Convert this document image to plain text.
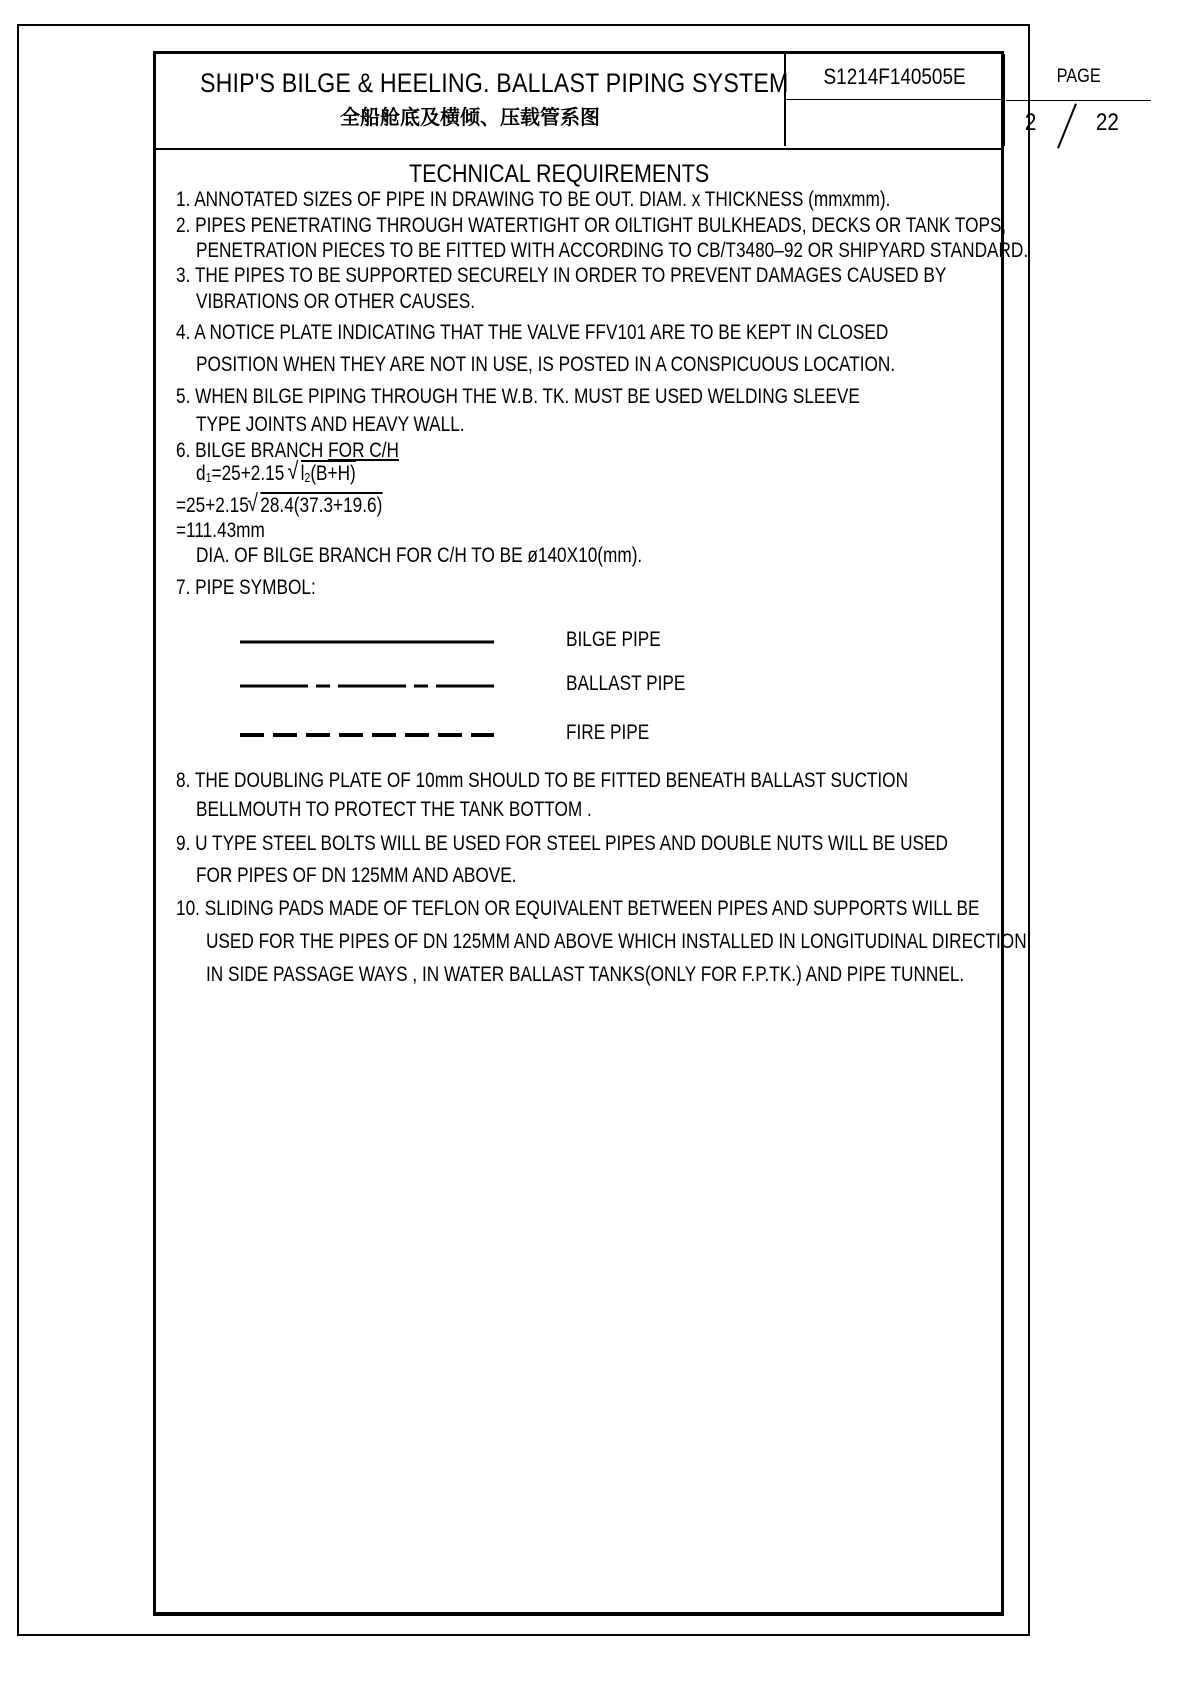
SHIP'S BILGE & HEELING. BALLAST PIPING SYSTEM
全船舱底及横倾、压载管系图
S1214F140505E	PAGE
2 22
TECHNICAL REQUIREMENTS
1. ANNOTATED SIZES OF PIPE IN DRAWING TO BE OUT. DIAM. x THICKNESS (mmxmm).
2. PIPES PENETRATING THROUGH WATERTIGHT OR OILTIGHT BULKHEADS, DECKS OR TANK TOPS,
PENETRATION PIECES TO BE FITTED WITH ACCORDING TO CB/T3480–92 OR SHIPYARD STANDARD.
3. THE PIPES TO BE SUPPORTED SECURELY IN ORDER TO PREVENT DAMAGES CAUSED BY
VIBRATIONS OR OTHER CAUSES.
4. A NOTICE PLATE INDICATING THAT THE VALVE FFV101 ARE TO BE KEPT IN CLOSED
POSITION WHEN THEY ARE NOT IN USE, IS POSTED IN A CONSPICUOUS LOCATION.
5. WHEN BILGE PIPING THROUGH THE W.B. TK. MUST BE USED WELDING SLEEVE
TYPE JOINTS AND HEAVY WALL.
6. BILGE BRANCH FOR C/H
d1=25+2.15 √ l2(B+H)
=25+2.15 √ 28.4(37.3+19.6)
=111.43mm
DIA. OF BILGE BRANCH FOR C/H TO BE ø140X10(mm).
7. PIPE SYMBOL:
BILGE PIPE
BALLAST PIPE
FIRE PIPE
8. THE DOUBLING PLATE OF 10mm SHOULD TO BE FITTED BENEATH BALLAST SUCTION
BELLMOUTH TO PROTECT THE TANK BOTTOM .
9. U TYPE STEEL BOLTS WILL BE USED FOR STEEL PIPES AND DOUBLE NUTS WILL BE USED
FOR PIPES OF DN 125MM AND ABOVE.
10. SLIDING PADS MADE OF TEFLON OR EQUIVALENT BETWEEN PIPES AND SUPPORTS WILL BE
USED FOR THE PIPES OF DN 125MM AND ABOVE WHICH INSTALLED IN LONGITUDINAL DIRECTION
IN SIDE PASSAGE WAYS , IN WATER BALLAST TANKS(ONLY FOR F.P.TK.) AND PIPE TUNNEL.
